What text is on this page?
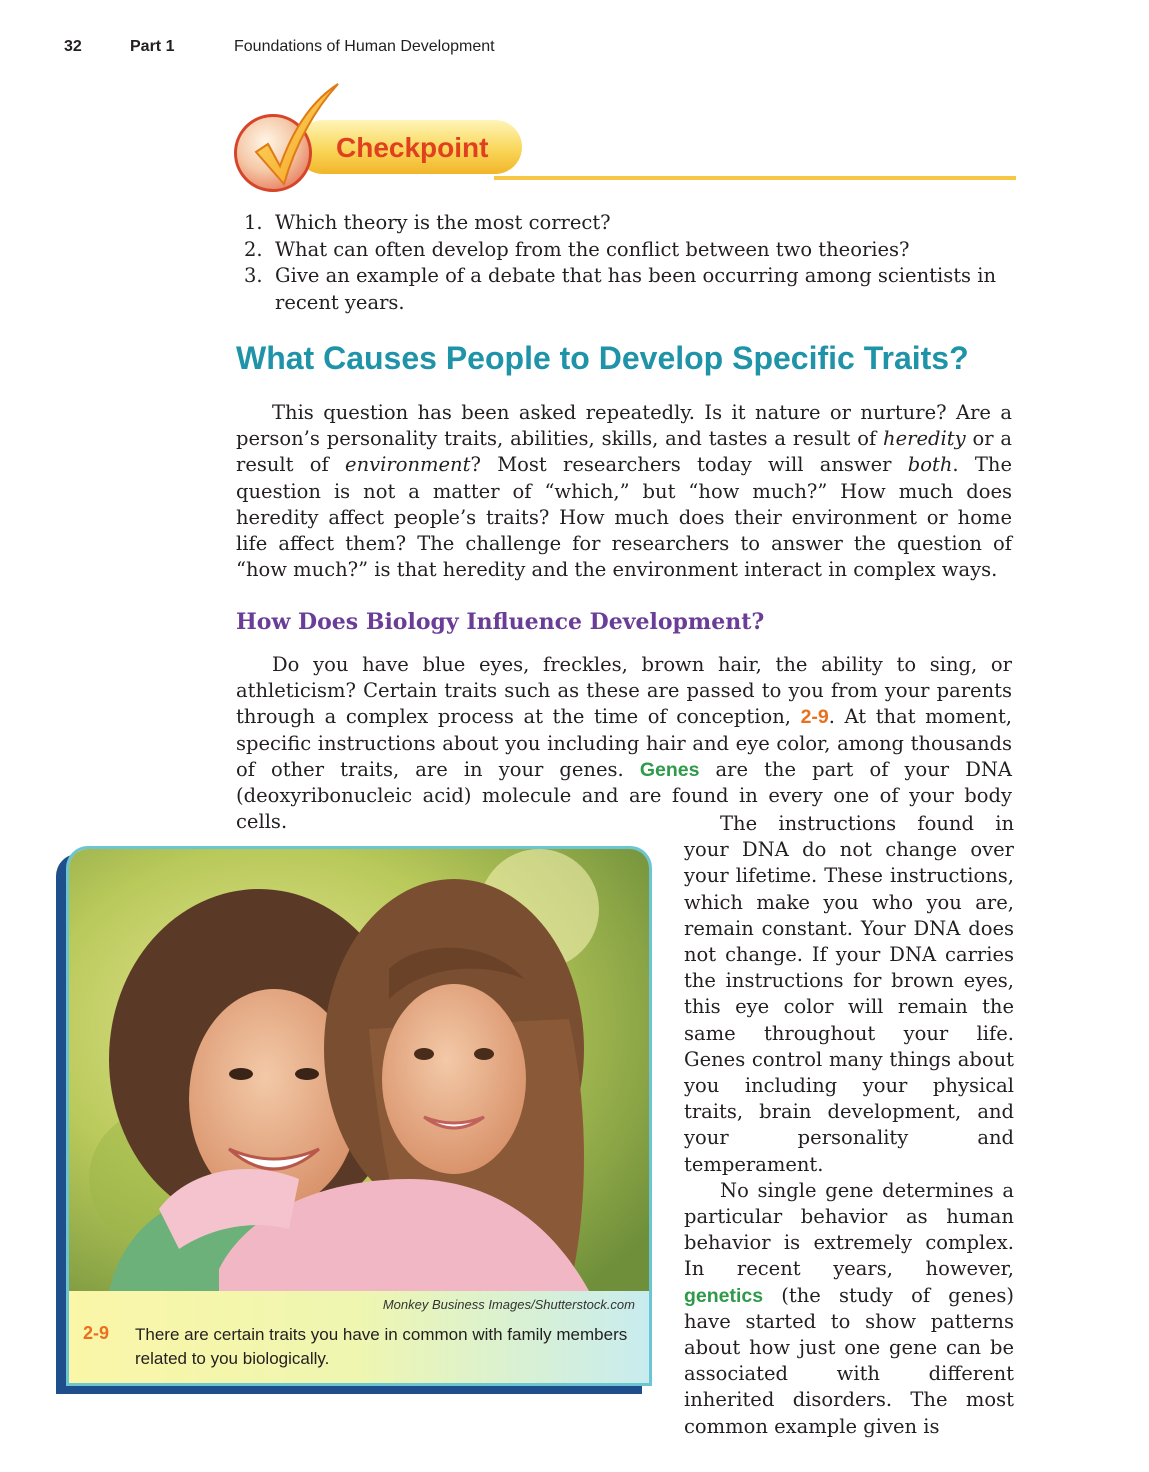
32	Part 1	Foundations of Human Development
Checkpoint
1. Which theory is the most correct?
2. What can often develop from the conflict between two theories?
3. Give an example of a debate that has been occurring among scientists in recent years.
What Causes People to Develop Specific Traits?

This question has been asked repeatedly. Is it nature or nurture? Are a person’s personality traits, abilities, skills, and tastes a result of heredity or a result of environment? Most researchers today will answer both. The question is not a matter of “which,” but “how much?” How much does heredity affect people’s traits? How much does their environment or home life affect them? The challenge for researchers to answer the question of “how much?” is that heredity and the environment interact in complex ways.

How Does Biology Influence Development?

Do you have blue eyes, freckles, brown hair, the ability to sing, or athleticism? Certain traits such as these are passed to you from your parents through a complex process at the time of conception, 2-9. At that moment, specific instructions about you including hair and eye color, among thousands of other traits, are in your genes. Genes are the part of your DNA (deoxyribonucleic acid) molecule and are found in every one of your body cells.	The instructions found in your DNA do not change over your lifetime. These instructions, which make you who you are, remain constant. Your DNA does not change. If your DNA carries the instructions for brown eyes, this eye color will remain the same throughout your life. Genes control many things about you including your physical traits, brain development, and your personality and temperament.

No single gene determines a particular behavior as human behavior is extremely complex. In recent years, however, genetics (the study of genes) have started to show patterns about how just one gene can be associated with different inherited disorders. The most common example given is

Monkey Business Images/Shutterstock.com
2-9 There are certain traits you have in common with family members related to you biologically.
